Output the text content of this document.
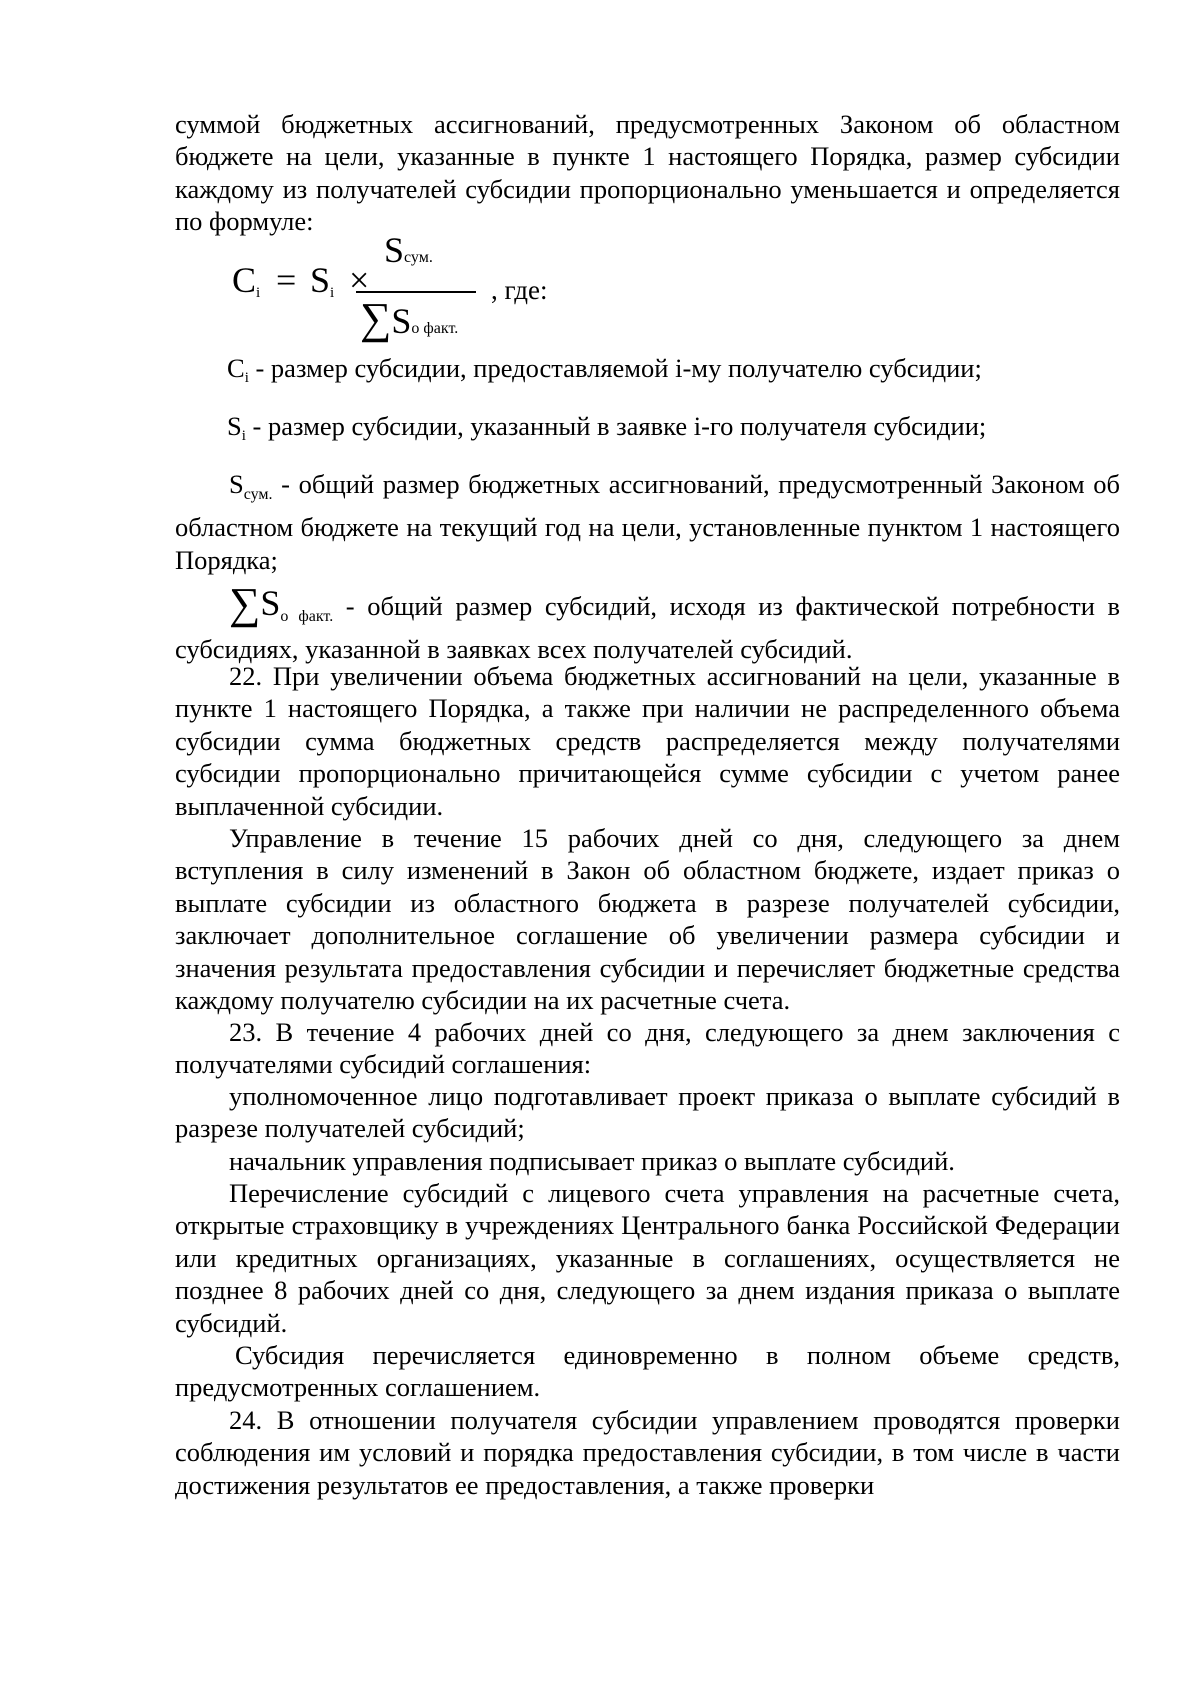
суммой бюджетных ассигнований, предусмотренных Законом об областном бюджете на цели, указанные в пункте 1 настоящего Порядка, размер субсидии каждому из получателей субсидии пропорционально уменьшается и определяется по формуле:

Ci = Si ×
Sсум.
∑Sо факт.
, где:
Ci - размер субсидии, предоставляемой i-му получателю субсидии;
Si - размер субсидии, указанный в заявке i-го получателя субсидии;

$S_{сум.}$ - общий размер бюджетных ассигнований, предусмотренный Законом об областном бюджете на текущий год на цели, установленные пунктом 1 настоящего Порядка;

$\sum S_{о факт.}$ - общий размер субсидий, исходя из фактической потребности в субсидиях, указанной в заявках всех получателей субсидий.

22. При увеличении объема бюджетных ассигнований на цели, указанные в пункте 1 настоящего Порядка, а также при наличии не распределенного объема субсидии сумма бюджетных средств распределяется между получателями субсидии пропорционально причитающейся сумме субсидии с учетом ранее выплаченной субсидии.

Управление в течение 15 рабочих дней со дня, следующего за днем вступления в силу изменений в Закон об областном бюджете, издает приказ о выплате субсидии из областного бюджета в разрезе получателей субсидии, заключает дополнительное соглашение об увеличении размера субсидии и значения результата предоставления субсидии и перечисляет бюджетные средства каждому получателю субсидии на их расчетные счета.

23. В течение 4 рабочих дней со дня, следующего за днем заключения с получателями субсидий соглашения:

уполномоченное лицо подготавливает проект приказа о выплате субсидий в разрезе получателей субсидий;

начальник управления подписывает приказ о выплате субсидий.

Перечисление субсидий с лицевого счета управления на расчетные счета, открытые страховщику в учреждениях Центрального банка Российской Федерации или кредитных организациях, указанные в соглашениях, осуществляется не позднее 8 рабочих дней со дня, следующего за днем издания приказа о выплате субсидий.

Субсидия перечисляется единовременно в полном объеме средств, предусмотренных соглашением.

24. В отношении получателя субсидии управлением проводятся проверки соблюдения им условий и порядка предоставления субсидии, в том числе в части достижения результатов ее предоставления, а также проверки
